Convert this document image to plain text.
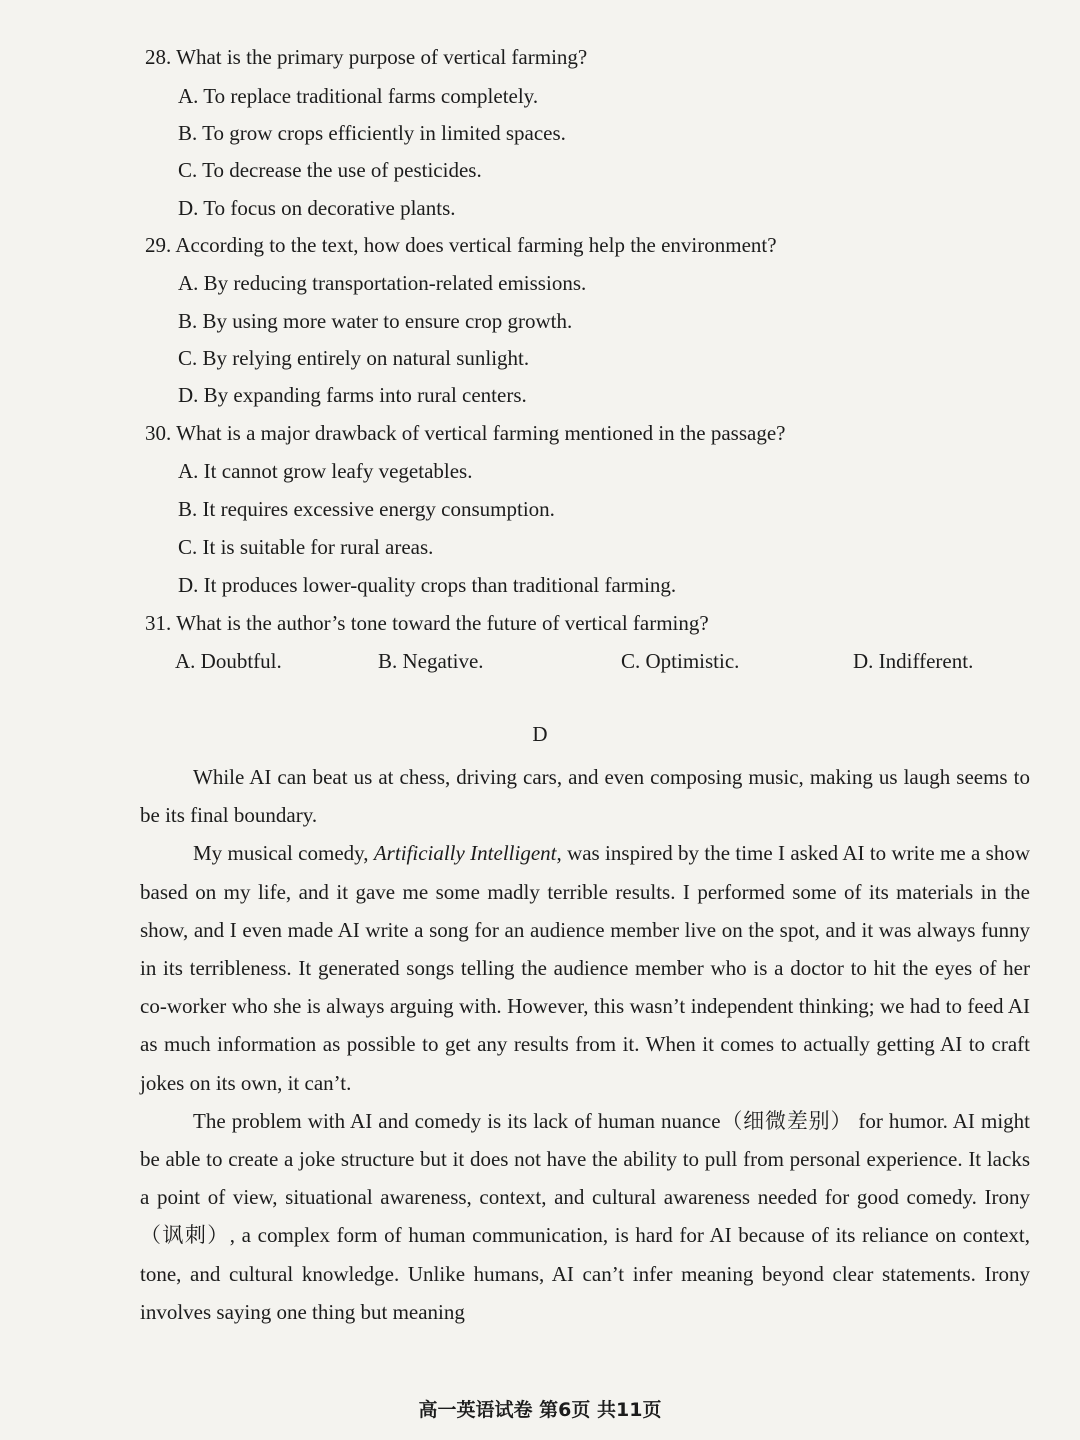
28. What is the primary purpose of vertical farming?
A. To replace traditional farms completely.
B. To grow crops efficiently in limited spaces.
C. To decrease the use of pesticides.
D. To focus on decorative plants.
29. According to the text, how does vertical farming help the environment?
A. By reducing transportation-related emissions.
B. By using more water to ensure crop growth.
C. By relying entirely on natural sunlight.
D. By expanding farms into rural centers.
30. What is a major drawback of vertical farming mentioned in the passage?
A. It cannot grow leafy vegetables.
B. It requires excessive energy consumption.
C. It is suitable for rural areas.
D. It produces lower-quality crops than traditional farming.
31. What is the author’s tone toward the future of vertical farming?
A. Doubtful.	B. Negative.	C. Optimistic.	D. Indifferent.
D

While AI can beat us at chess, driving cars, and even composing music, making us laugh seems to be its final boundary.

My musical comedy, Artificially Intelligent, was inspired by the time I asked AI to write me a show based on my life, and it gave me some madly terrible results. I performed some of its materials in the show, and I even made AI write a song for an audience member live on the spot, and it was always funny in its terribleness. It generated songs telling the audience member who is a doctor to hit the eyes of her co-worker who she is always arguing with. However, this wasn’t independent thinking; we had to feed AI as much information as possible to get any results from it. When it comes to actually getting AI to craft jokes on its own, it can’t.

The problem with AI and comedy is its lack of human nuance（细微差别） for humor. AI might be able to create a joke structure but it does not have the ability to pull from personal experience. It lacks a point of view, situational awareness, context, and cultural awareness needed for good comedy. Irony（讽刺）, a complex form of human communication, is hard for AI because of its reliance on context, tone, and cultural knowledge. Unlike humans, AI can’t infer meaning beyond clear statements. Irony involves saying one thing but meaning

高一英语试卷 第6页 共11页
